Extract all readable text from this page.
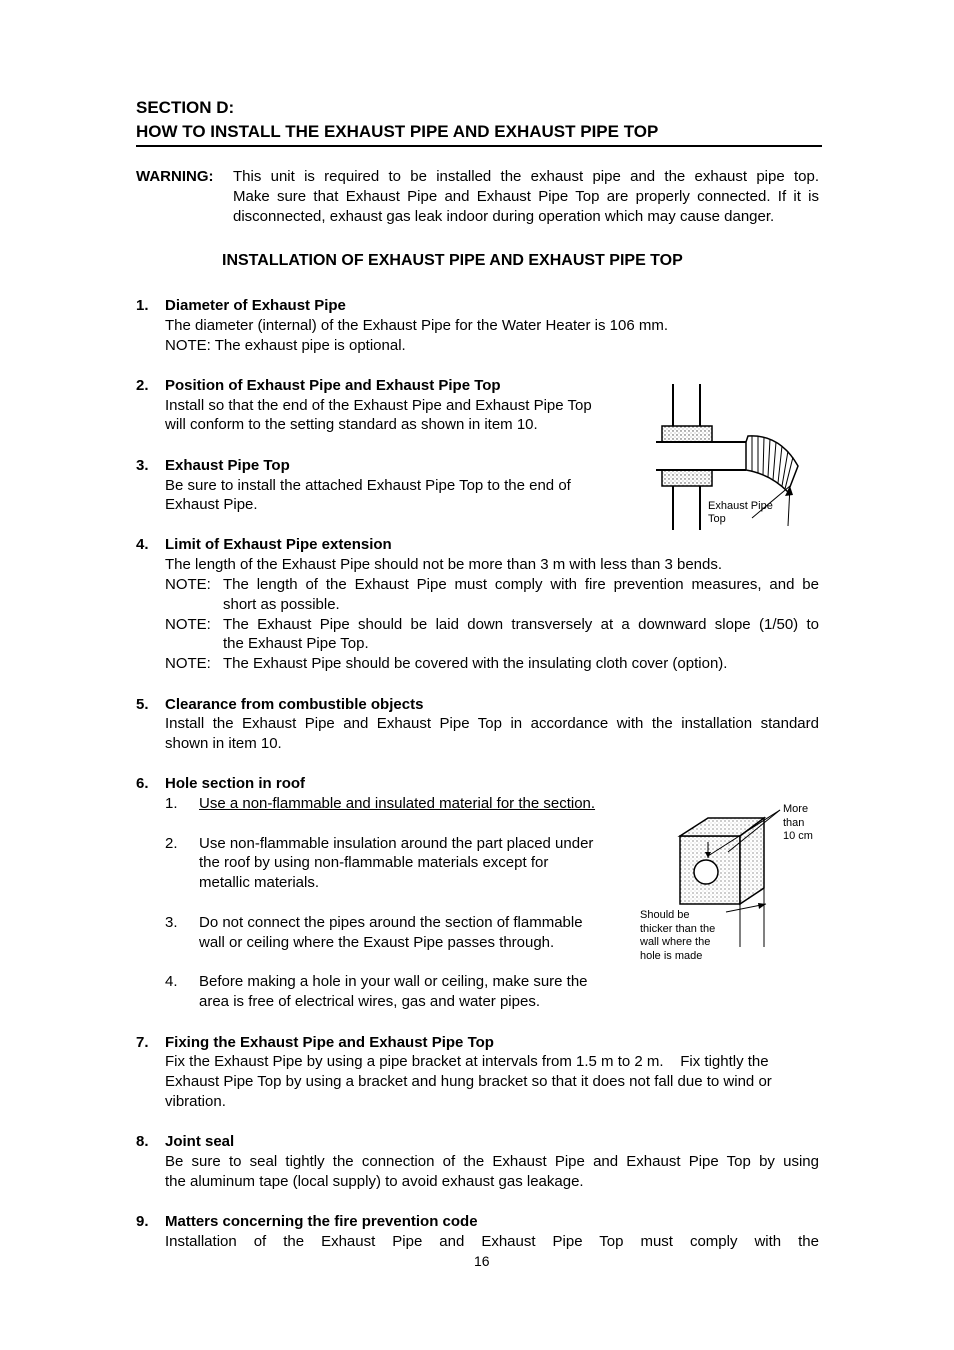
SECTION D:
HOW TO INSTALL THE EXHAUST PIPE AND EXHAUST PIPE TOP
WARNING: This unit is required to be installed the exhaust pipe and the exhaust pipe top.
Make sure that Exhaust Pipe and Exhaust Pipe Top are properly connected. If it is
disconnected, exhaust gas leak indoor during operation which may cause danger.
INSTALLATION OF EXHAUST PIPE AND EXHAUST PIPE TOP
1. Diameter of Exhaust Pipe
The diameter (internal) of the Exhaust Pipe for the Water Heater is 106 mm.
NOTE: The exhaust pipe is optional.
2. Position of Exhaust Pipe and Exhaust Pipe Top
Install so that the end of the Exhaust Pipe and Exhaust Pipe Top
will conform to the setting standard as shown in item 10.
3. Exhaust Pipe Top
Be sure to install the attached Exhaust Pipe Top to the end of
Exhaust Pipe.	Exhaust Pipe
Top
4. Limit of Exhaust Pipe extension
The length of the Exhaust Pipe should not be more than 3 m with less than 3 bends.
NOTE: The length of the Exhaust Pipe must comply with fire prevention measures, and be
short as possible.
NOTE: The Exhaust Pipe should be laid down transversely at a downward slope (1/50) to
the Exhaust Pipe Top.
NOTE: The Exhaust Pipe should be covered with the insulating cloth cover (option).
5. Clearance from combustible objects
Install the Exhaust Pipe and Exhaust Pipe Top in accordance with the installation standard
shown in item 10.
6. Hole section in roof
1. Use a non-flammable and insulated material for the section.
2. Use non-flammable insulation around the part placed under
the roof by using non-flammable materials except for
metallic materials.
3. Do not connect the pipes around the section of flammable
wall or ceiling where the Exaust Pipe passes through.
4. Before making a hole in your wall or ceiling, make sure the
area is free of electrical wires, gas and water pipes.
More
than
10 cm
Should be
thicker than the
wall where the
hole is made
7. Fixing the Exhaust Pipe and Exhaust Pipe Top
Fix the Exhaust Pipe by using a pipe bracket at intervals from 1.5 m to 2 m.    Fix tightly the
Exhaust Pipe Top by using a bracket and hung bracket so that it does not fall due to wind or
vibration.
8. Joint seal
Be sure to seal tightly the connection of the Exhaust Pipe and Exhaust Pipe Top by using
the aluminum tape (local supply) to avoid exhaust gas leakage.
9. Matters concerning the fire prevention code
Installation of the Exhaust Pipe and Exhaust Pipe Top must comply with the
16
